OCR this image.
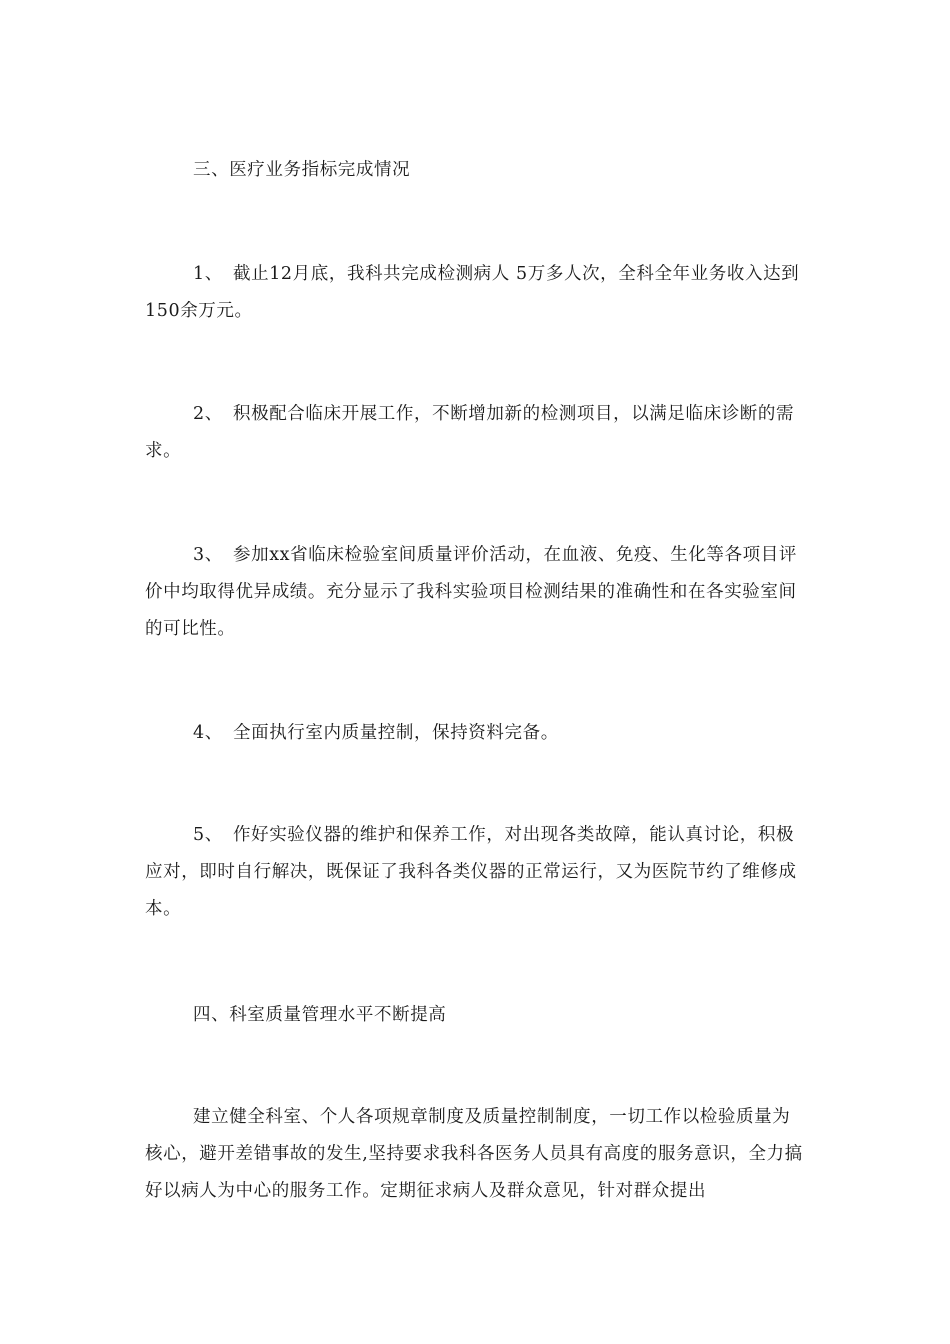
三、医疗业务指标完成情况

1、 截止12月底，我科共完成检测病人 5万多人次，全科全年业务收入达到150余万元。

2、 积极配合临床开展工作，不断增加新的检测项目，以满足临床诊断的需求。

3、 参加xx省临床检验室间质量评价活动，在血液、免疫、生化等各项目评价中均取得优异成绩。充分显示了我科实验项目检测结果的准确性和在各实验室间的可比性。

4、 全面执行室内质量控制，保持资料完备。

5、 作好实验仪器的维护和保养工作，对出现各类故障，能认真讨论，积极应对，即时自行解决，既保证了我科各类仪器的正常运行，又为医院节约了维修成本。

四、科室质量管理水平不断提高

建立健全科室、个人各项规章制度及质量控制制度，一切工作以检验质量为核心，避开差错事故的发生,坚持要求我科各医务人员具有高度的服务意识，全力搞好以病人为中心的服务工作。定期征求病人及群众意见，针对群众提出
